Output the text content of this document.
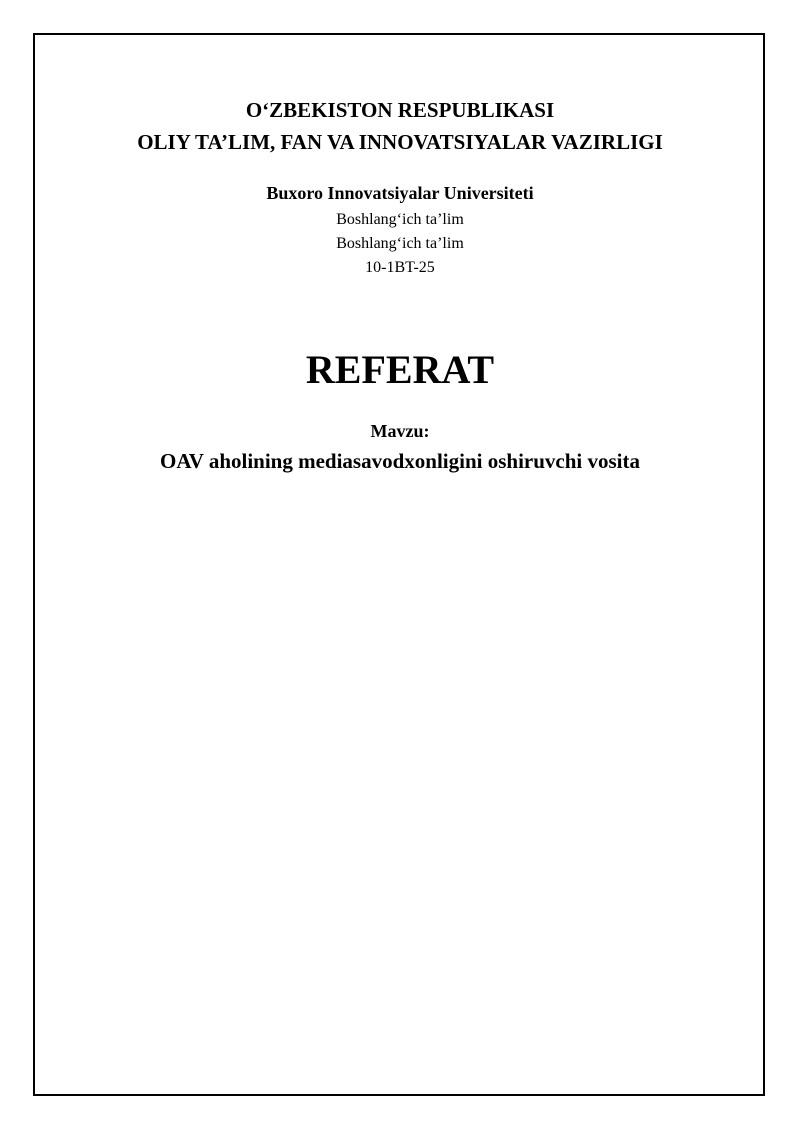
O‘ZBEKISTON RESPUBLIKASI

OLIY TA’LIM, FAN VA INNOVATSIYALAR VAZIRLIGI

Buxoro Innovatsiyalar Universiteti

Boshlang‘ich ta’lim

Boshlang‘ich ta’lim

10-1BT-25

REFERAT

Mavzu:

OAV aholining mediasavodxonligini oshiruvchi vosita
